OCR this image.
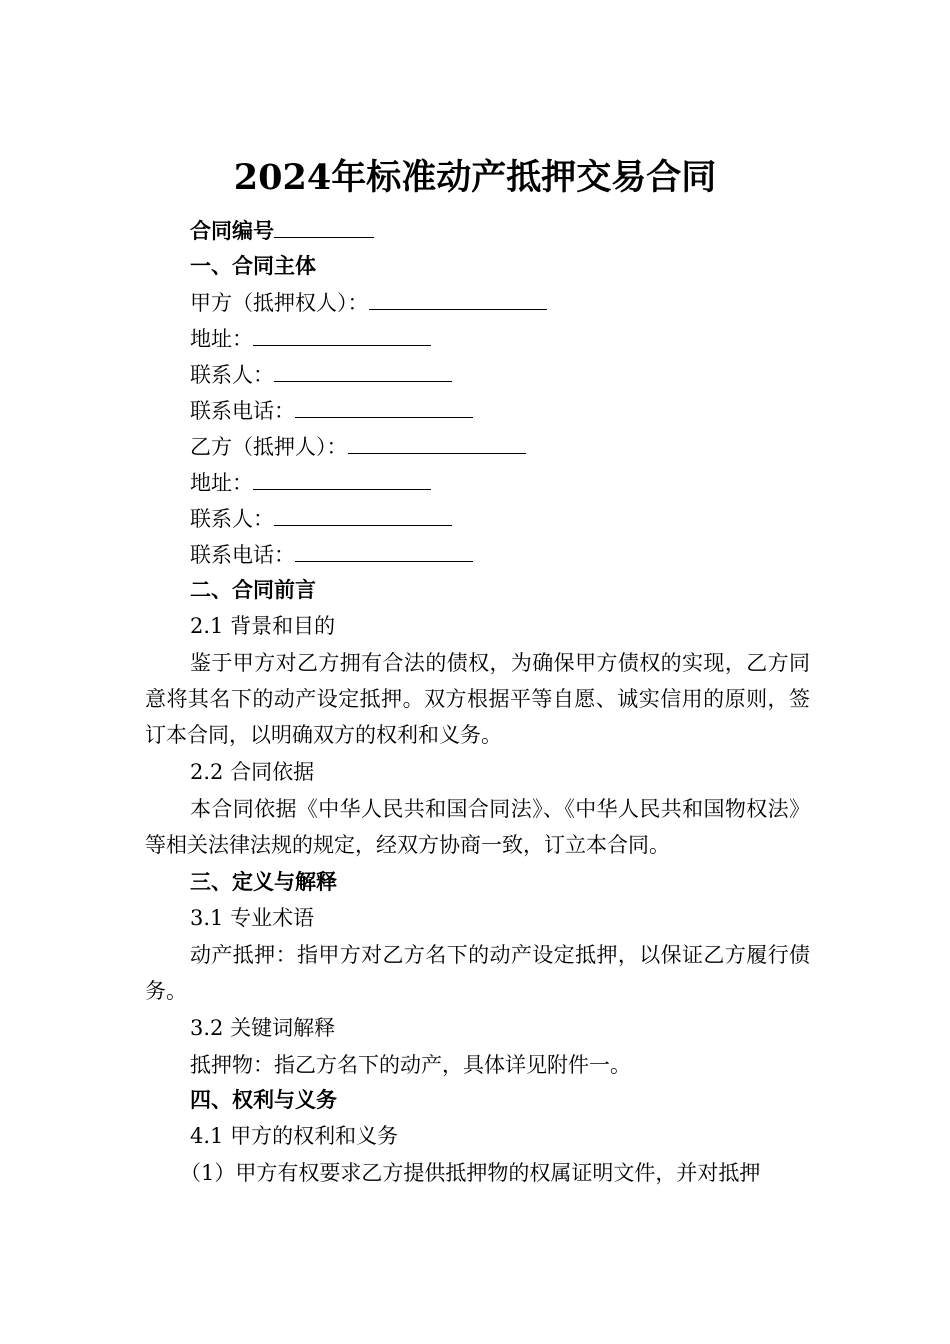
2024年标准动产抵押交易合同
合同编号
一、合同主体
甲方（抵押权人）：
地址：
联系人：
联系电话：
乙方（抵押人）：
地址：
联系人：
联系电话：
二、合同前言
2.1 背景和目的
鉴于甲方对乙方拥有合法的债权，为确保甲方债权的实现，乙方同意将其名下的动产设定抵押。双方根据平等自愿、诚实信用的原则，签订本合同，以明确双方的权利和义务。
2.2 合同依据
本合同依据《中华人民共和国合同法》、《中华人民共和国物权法》等相关法律法规的规定，经双方协商一致，订立本合同。
三、定义与解释
3.1 专业术语
动产抵押：指甲方对乙方名下的动产设定抵押，以保证乙方履行债务。
3.2 关键词解释
抵押物：指乙方名下的动产，具体详见附件一。
四、权利与义务
4.1 甲方的权利和义务
（1）甲方有权要求乙方提供抵押物的权属证明文件，并对抵押
